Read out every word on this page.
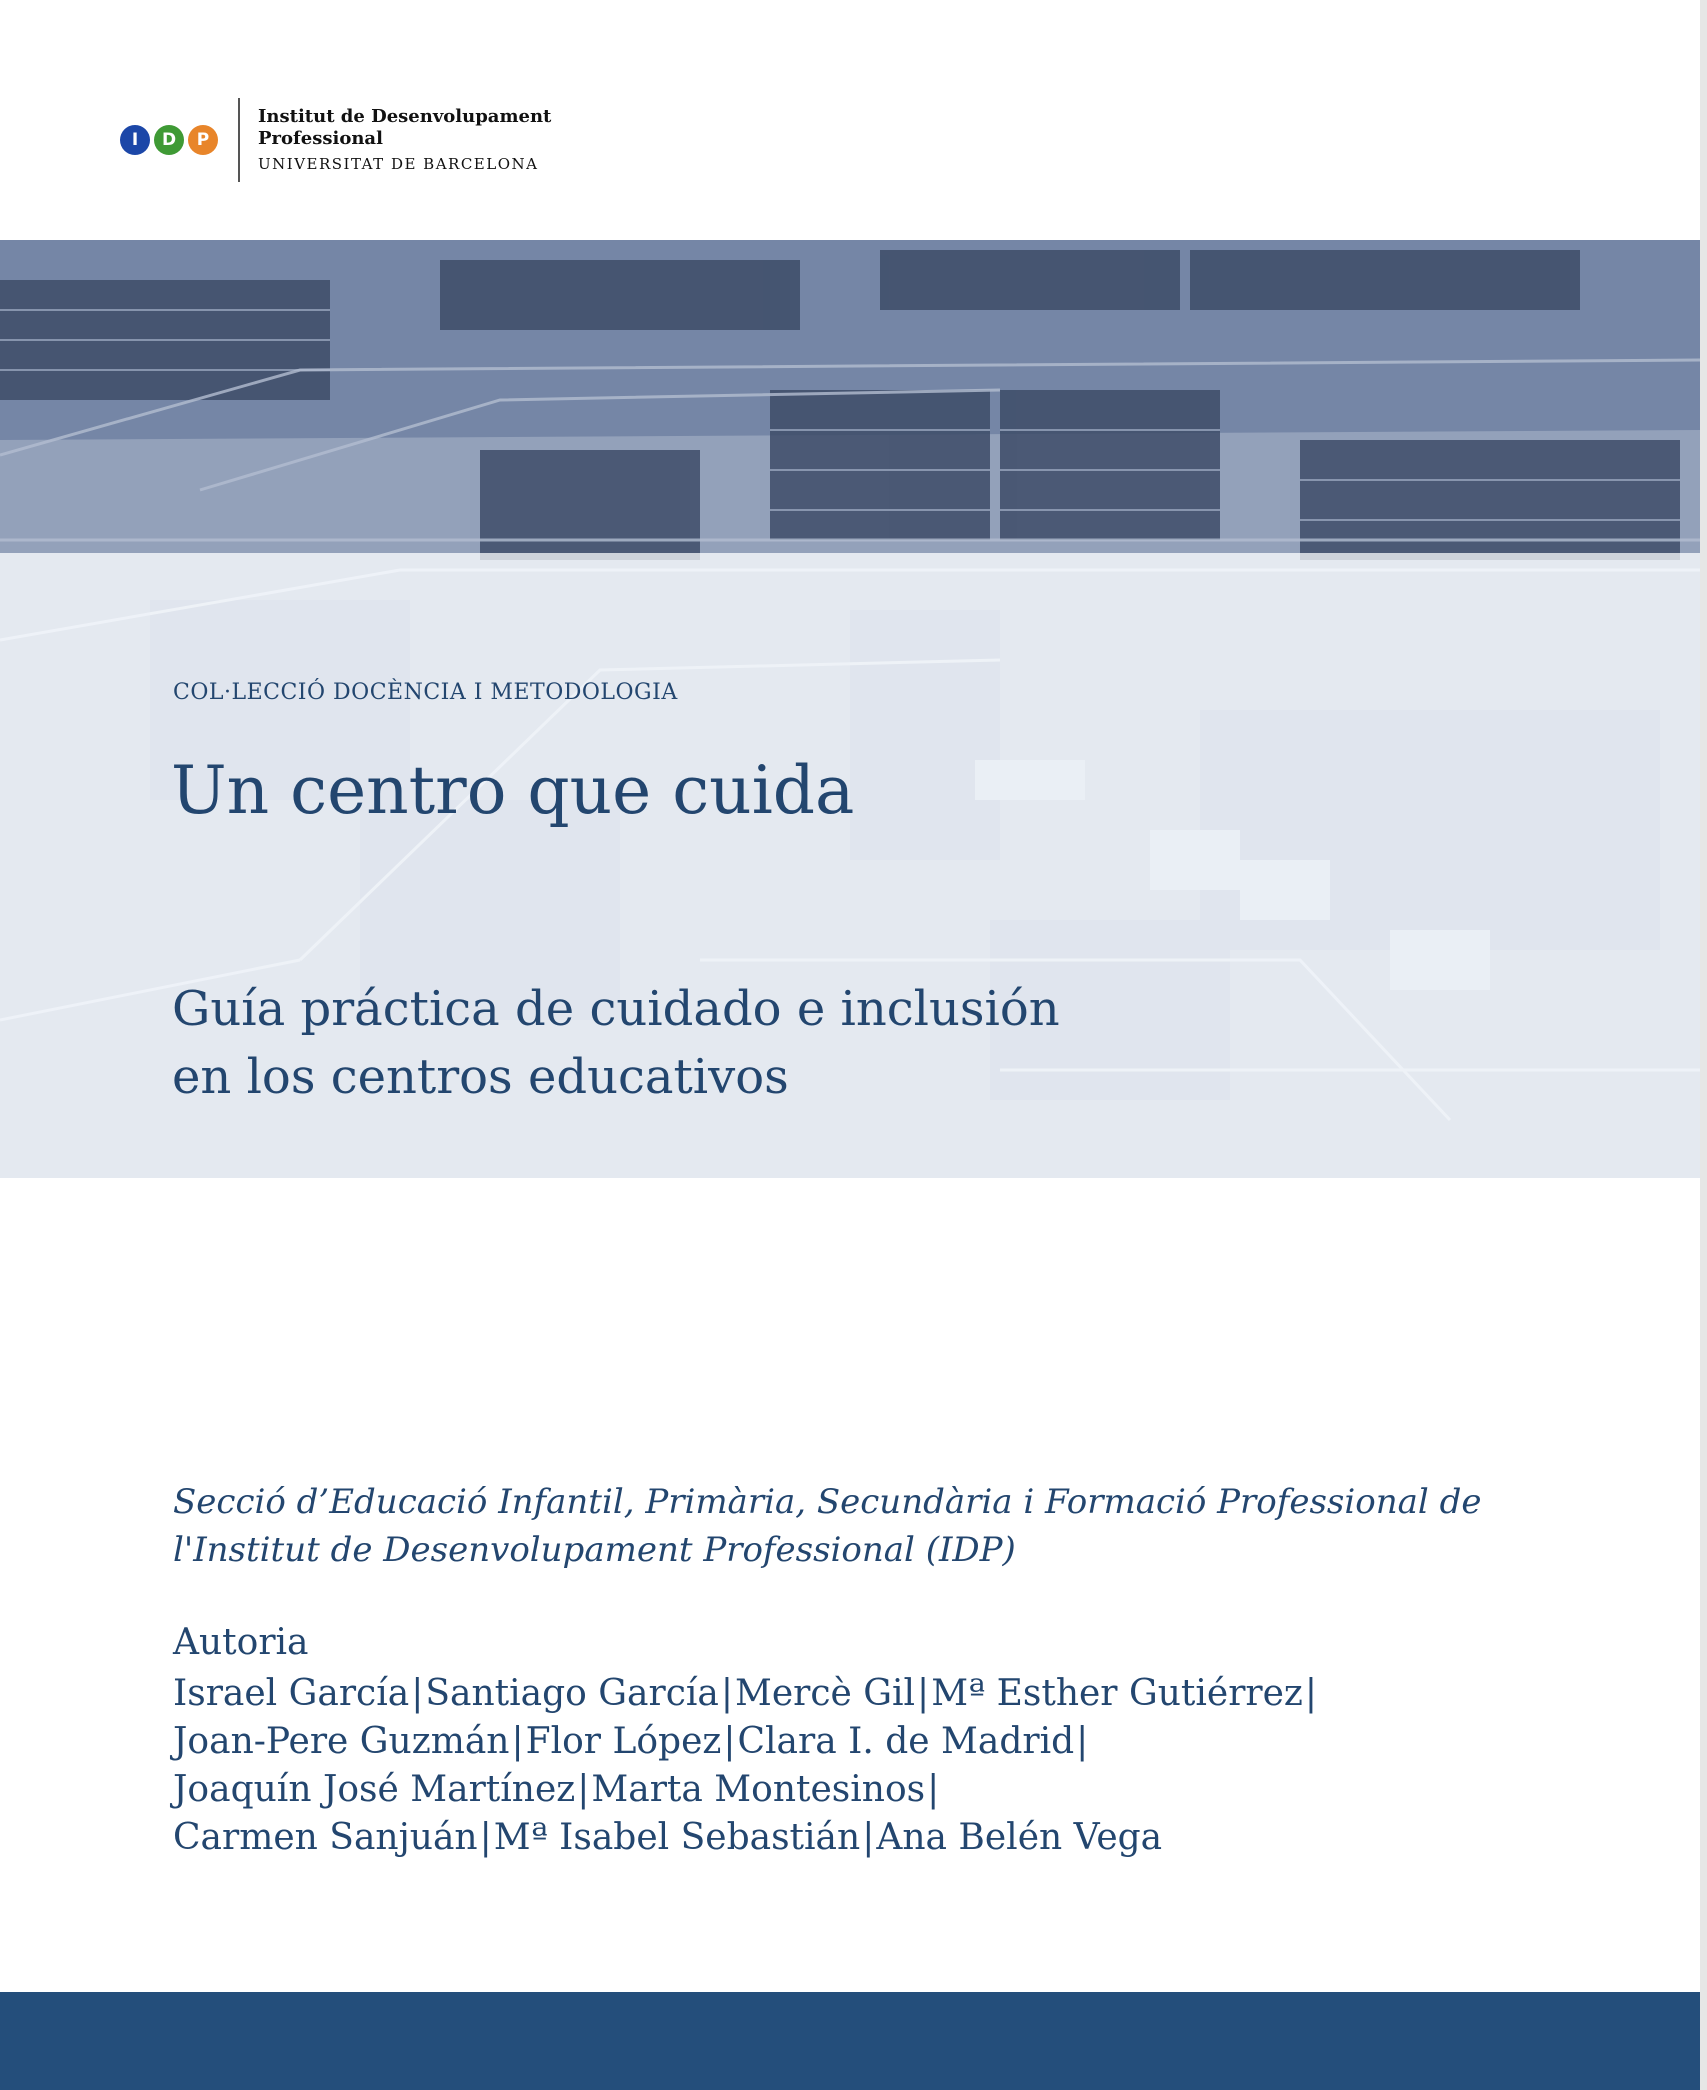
I	D	P
Institut de Desenvolupament
Professional
UNIVERSITAT DE BARCELONA
COL·LECCIÓ DOCÈNCIA I METODOLOGIA
Un centro que cuida
Guía práctica de cuidado e inclusión
en los centros educativos
Secció d’Educació Infantil, Primària, Secundària i Formació Professional de
l'Institut de Desenvolupament Professional (IDP)
Autoria
Israel García|Santiago García|Mercè Gil|Mª Esther Gutiérrez|
Joan-Pere Guzmán|Flor López|Clara I. de Madrid|
Joaquín José Martínez|Marta Montesinos|
Carmen Sanjuán|Mª Isabel Sebastián|Ana Belén Vega
